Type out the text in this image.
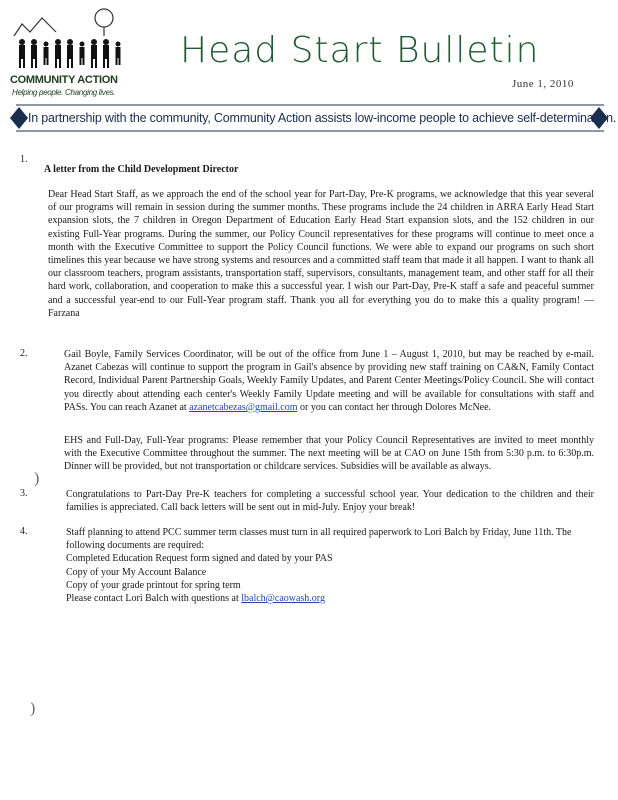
COMMUNITY ACTION
Helping people. Changing lives.
Head Start Bulletin
June 1, 2010
In partnership with the community, Community Action assists low-income people to achieve self-determination.
1.
A letter from the Child Development Director
Dear Head Start Staff, as we approach the end of the school year for Part-Day, Pre-K programs, we acknowledge that this year several of our programs will remain in session during the summer months. These programs include the 24 children in ARRA Early Head Start expansion slots, the 7 children in Oregon Department of Education Early Head Start expansion slots, and the 152 children in our existing Full-Year programs. During the summer, our Policy Council representatives for these programs will continue to meet once a month with the Executive Committee to support the Policy Council functions. We were able to expand our programs on such short timelines this year because we have strong systems and resources and a committed staff team that made it all happen. I want to thank all our classroom teachers, program assistants, transportation staff, supervisors, consultants, management team, and other staff for all their hard work, collaboration, and cooperation to make this a successful year. I wish our Part-Day, Pre-K staff a safe and peaceful summer and a successful year-end to our Full-Year program staff. Thank you all for everything you do to make this a quality program! —Farzana
2.	Gail Boyle, Family Services Coordinator, will be out of the office from June 1 – August 1, 2010, but may be reached by e-mail. Azanet Cabezas will continue to support the program in Gail's absence by providing new staff training on CA&N, Family Contact Record, Individual Parent Partnership Goals, Weekly Family Updates, and Parent Center Meetings/Policy Council. She will contact you directly about attending each center's Weekly Family Update meeting and will be available for consultations with staff and PASs. You can reach Azanet at azanetcabezas@gmail.com or you can contact her through Dolores McNee.
EHS and Full-Day, Full-Year programs: Please remember that your Policy Council Representatives are invited to meet monthly with the Executive Committee throughout the summer. The next meeting will be at CAO on June 15th from 5:30 p.m. to 6:30p.m. Dinner will be provided, but not transportation or childcare services. Subsidies will be available as always.
3.	Congratulations to Part-Day Pre-K teachers for completing a successful school year. Your dedication to the children and their families is appreciated. Call back letters will be sent out in mid-July. Enjoy your break!
4.	Staff planning to attend PCC summer term classes must turn in all required paperwork to Lori Balch by Friday, June 11th. The following documents are required:
Completed Education Request form signed and dated by your PAS
Copy of your My Account Balance
Copy of your grade printout for spring term
Please contact Lori Balch with questions at lbalch@caowash.org
)
)
